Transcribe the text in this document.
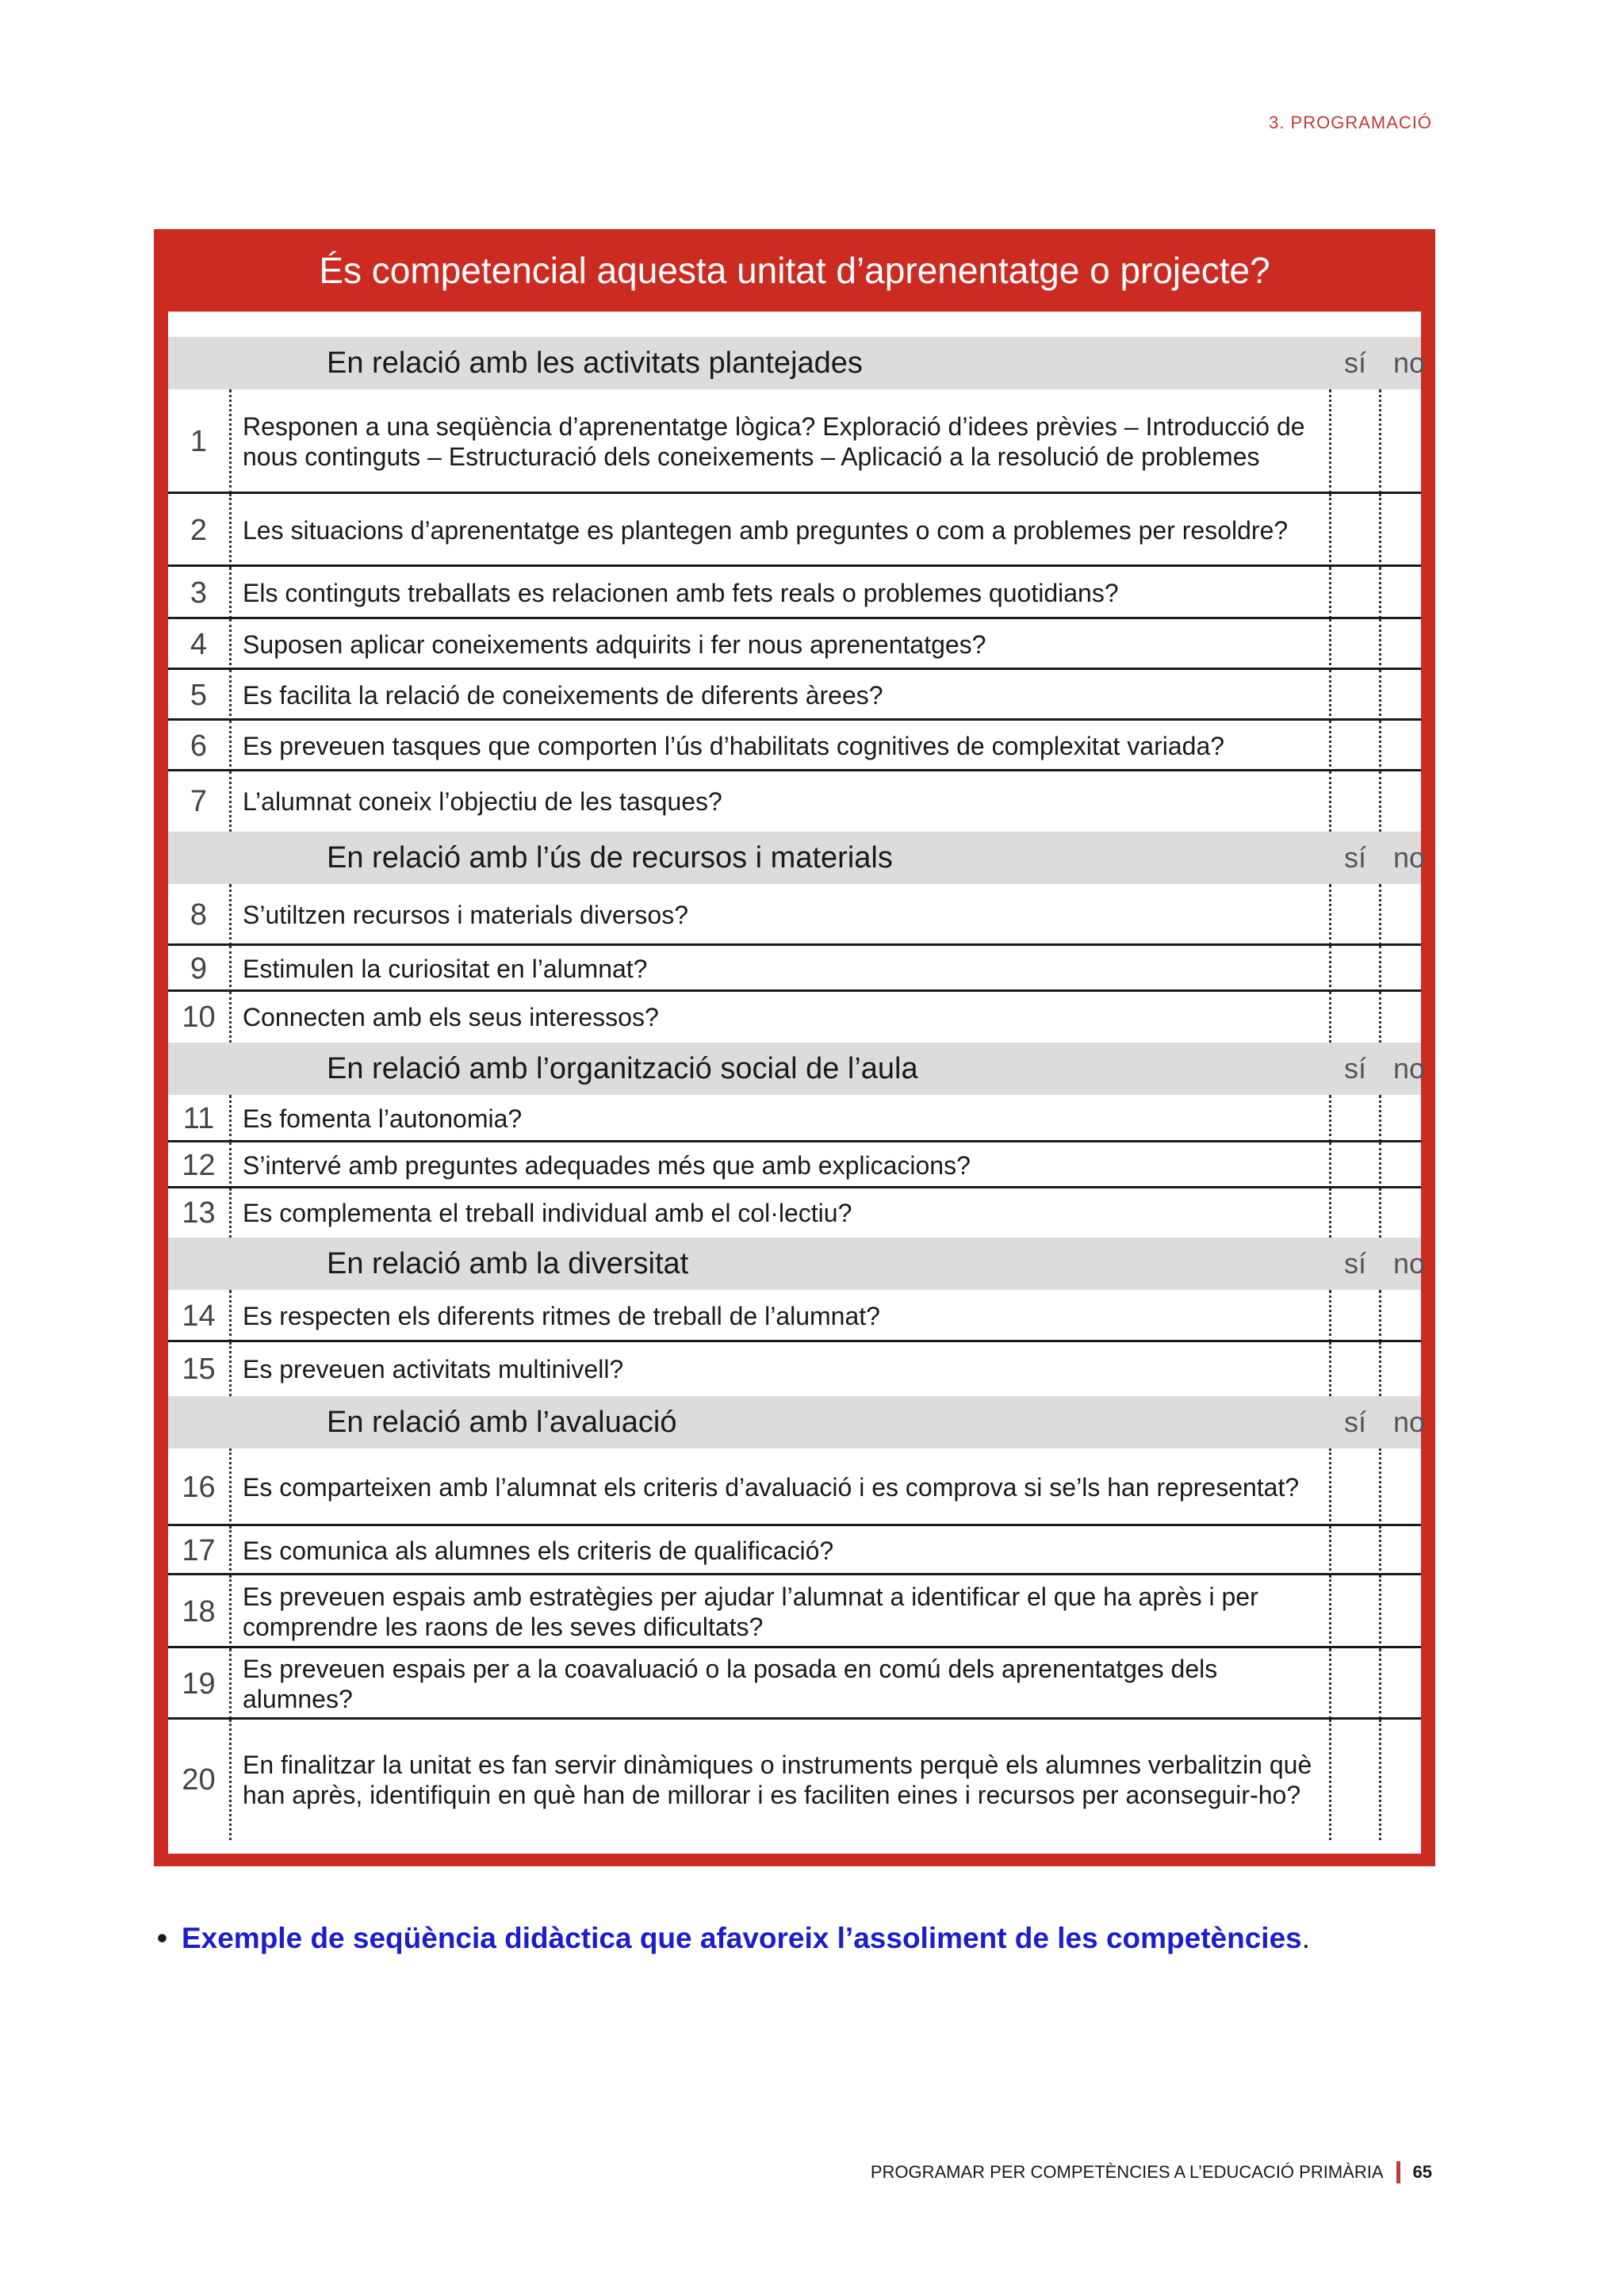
3. PROGRAMACIÓ
És competencial aquesta unitat d’aprenentatge o projecte?
En relació amb les activitats plantejades	sí no
1	Responen a una seqüència d’aprenentatge lògica? Exploració d’idees prèvies – Introducció de nous continguts – Estructuració dels coneixements – Aplicació a la resolució de problemes
2	Les situacions d’aprenentatge es plantegen amb preguntes o com a problemes per resoldre?
3	Els continguts treballats es relacionen amb fets reals o problemes quotidians?
4	Suposen aplicar coneixements adquirits i fer nous aprenentatges?
5	Es facilita la relació de coneixements de diferents àrees?
6	Es preveuen tasques que comporten l’ús d’habilitats cognitives de complexitat variada?
7	L’alumnat coneix l’objectiu de les tasques?
En relació amb l’ús de recursos i materials	sí no
8	S’utiltzen recursos i materials diversos?
9	Estimulen la curiositat en l’alumnat?
10	Connecten amb els seus interessos?
En relació amb l’organització social de l’aula	sí no
11	Es fomenta l’autonomia?
12	S’intervé amb preguntes adequades més que amb explicacions?
13	Es complementa el treball individual amb el col·lectiu?
En relació amb la diversitat	sí no
14	Es respecten els diferents ritmes de treball de l’alumnat?
15	Es preveuen activitats multinivell?
En relació amb l’avaluació	sí no
16	Es comparteixen amb l’alumnat els criteris d’avaluació i es comprova si se’ls han representat?
17	Es comunica als alumnes els criteris de qualificació?
18	Es preveuen espais amb estratègies per ajudar l’alumnat a identificar el que ha après i per comprendre les raons de les seves dificultats?
19	Es preveuen espais per a la coavaluació o la posada en comú dels aprenentatges dels alumnes?
20	En finalitzar la unitat es fan servir dinàmiques o instruments perquè els alumnes verbalitzin què han après, identifiquin en què han de millorar i es faciliten eines i recursos per aconseguir-ho?
• Exemple de seqüència didàctica que afavoreix l’assoliment de les competències.
PROGRAMAR PER COMPETÈNCIES A L’EDUCACIÓ PRIMÀRIA 65
